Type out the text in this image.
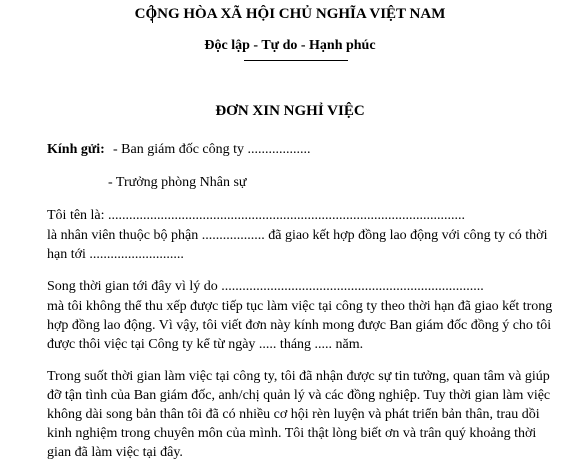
CỘNG HÒA XÃ HỘI CHỦ NGHĨA VIỆT NAM
Độc lập - Tự do - Hạnh phúc
ĐƠN XIN NGHỈ VIỆC
Kính gửi: - Ban giám đốc công ty ..................
- Trưởng phòng Nhân sự
Tôi tên là: ......................................................................................................
là nhân viên thuộc bộ phận .................. đã giao kết hợp đồng lao động với công ty có thời
hạn tới ...........................
Song thời gian tới đây vì lý do ...........................................................................
mà tôi không thể thu xếp được tiếp tục làm việc tại công ty theo thời hạn đã giao kết trong
hợp đồng lao động. Vì vậy, tôi viết đơn này kính mong được Ban giám đốc đồng ý cho tôi
được thôi việc tại Công ty kể từ ngày ..... tháng ..... năm.
Trong suốt thời gian làm việc tại công ty, tôi đã nhận được sự tin tưởng, quan tâm và giúp
đỡ tận tình của Ban giám đốc, anh/chị quản lý và các đồng nghiệp. Tuy thời gian làm việc
không dài song bản thân tôi đã có nhiều cơ hội rèn luyện và phát triển bản thân, trau dồi
kinh nghiệm trong chuyên môn của mình. Tôi thật lòng biết ơn và trân quý khoảng thời
gian đã làm việc tại đây.
